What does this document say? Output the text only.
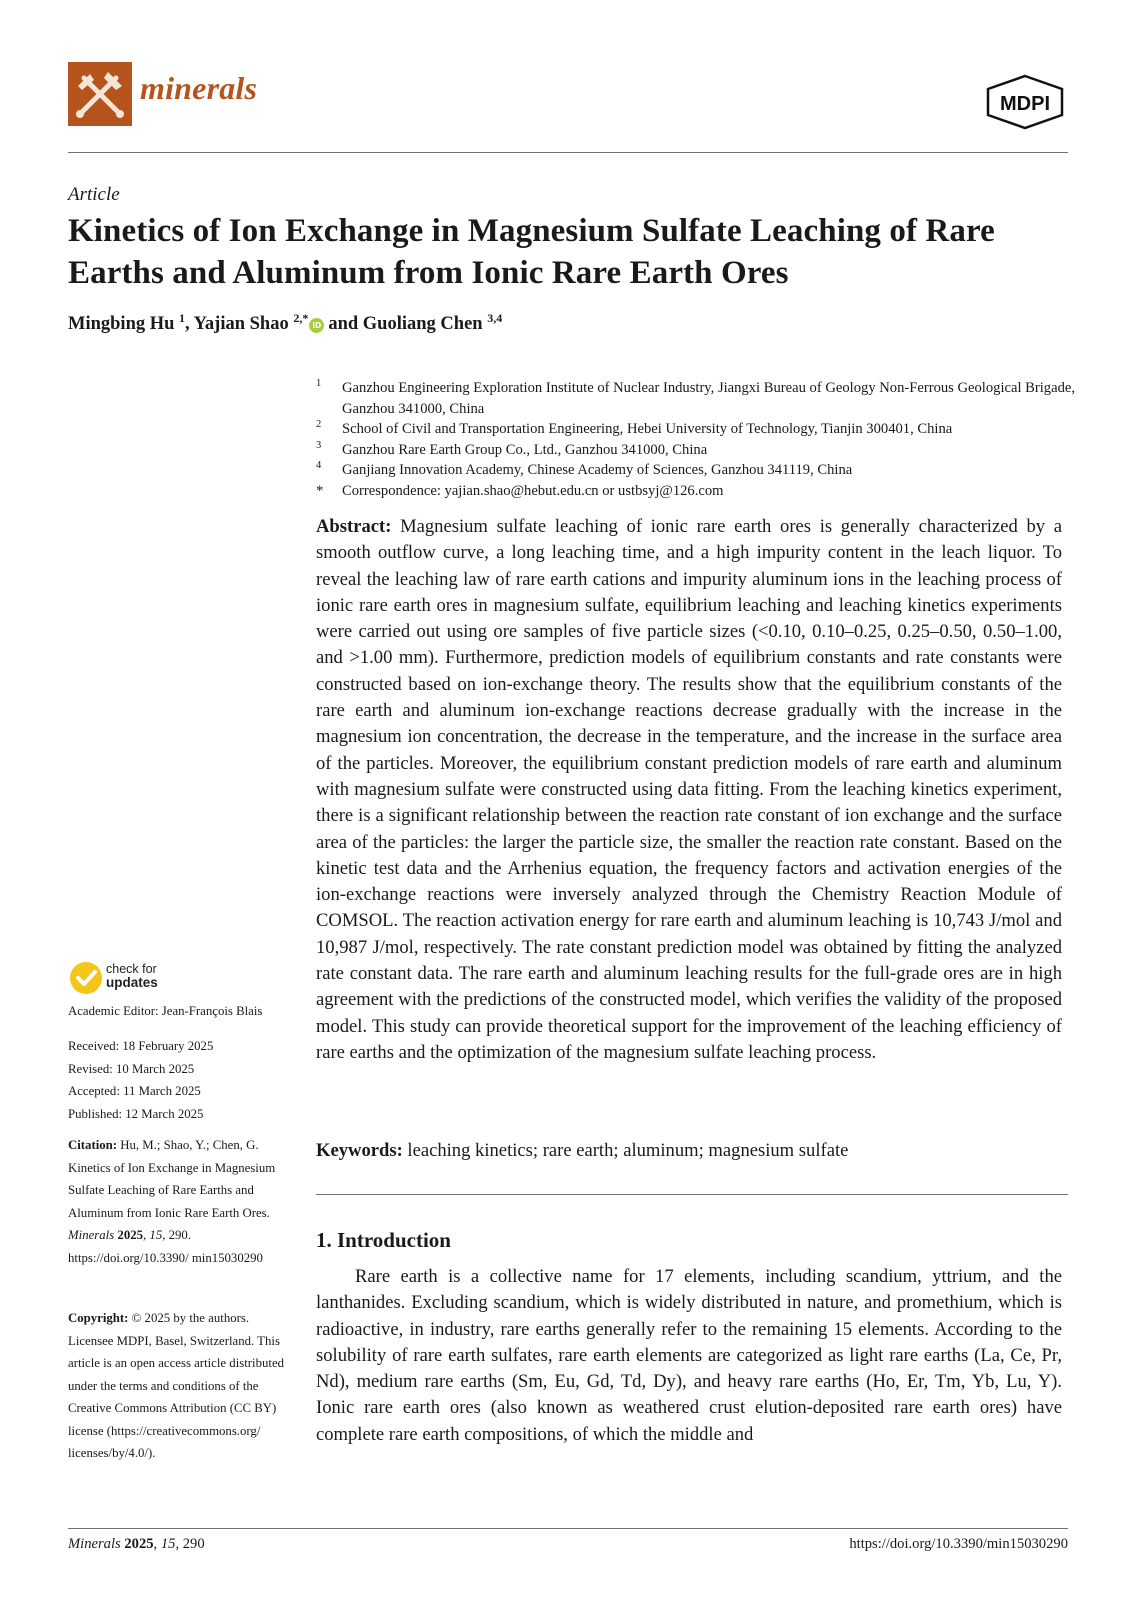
minerals	MDPI
Article
Kinetics of Ion Exchange in Magnesium Sulfate Leaching of Rare Earths and Aluminum from Ionic Rare Earth Ores
Mingbing Hu $^1$, Yajian Shao $^{2,*}$iD and Guoliang Chen $^{3,4}$
1	Ganzhou Engineering Exploration Institute of Nuclear Industry, Jiangxi Bureau of Geology Non-Ferrous Geological Brigade, Ganzhou 341000, China
2	School of Civil and Transportation Engineering, Hebei University of Technology, Tianjin 300401, China
3	Ganzhou Rare Earth Group Co., Ltd., Ganzhou 341000, China
4	Ganjiang Innovation Academy, Chinese Academy of Sciences, Ganzhou 341119, China
*	Correspondence: yajian.shao@hebut.edu.cn or ustbsyj@126.com
Abstract: Magnesium sulfate leaching of ionic rare earth ores is generally characterized by a smooth outflow curve, a long leaching time, and a high impurity content in the leach liquor. To reveal the leaching law of rare earth cations and impurity aluminum ions in the leaching process of ionic rare earth ores in magnesium sulfate, equilibrium leaching and leaching kinetics experiments were carried out using ore samples of five particle sizes (<0.10, 0.10–0.25, 0.25–0.50, 0.50–1.00, and >1.00 mm). Furthermore, prediction models of equilibrium constants and rate constants were constructed based on ion-exchange theory. The results show that the equilibrium constants of the rare earth and aluminum ion-exchange reactions decrease gradually with the increase in the magnesium ion concentration, the decrease in the temperature, and the increase in the surface area of the particles. Moreover, the equilibrium constant prediction models of rare earth and aluminum with magnesium sulfate were constructed using data fitting. From the leaching kinetics experiment, there is a significant relationship between the reaction rate constant of ion exchange and the surface area of the particles: the larger the particle size, the smaller the reaction rate constant. Based on the kinetic test data and the Arrhenius equation, the frequency factors and activation energies of the ion-exchange reactions were inversely analyzed through the Chemistry Reaction Module of COMSOL. The reaction activation energy for rare earth and aluminum leaching is 10,743 J/mol and 10,987 J/mol, respectively. The rate constant prediction model was obtained by fitting the analyzed rate constant data. The rare earth and aluminum leaching results for the full-grade ores are in high agreement with the predictions of the constructed model, which verifies the validity of the proposed model. This study can provide theoretical support for the improvement of the leaching efficiency of rare earths and the optimization of the magnesium sulfate leaching process.
Keywords: leaching kinetics; rare earth; aluminum; magnesium sulfate
1. Introduction
Rare earth is a collective name for 17 elements, including scandium, yttrium, and the lanthanides. Excluding scandium, which is widely distributed in nature, and promethium, which is radioactive, in industry, rare earths generally refer to the remaining 15 elements. According to the solubility of rare earth sulfates, rare earth elements are categorized as light rare earths (La, Ce, Pr, Nd), medium rare earths (Sm, Eu, Gd, Td, Dy), and heavy rare earths (Ho, Er, Tm, Yb, Lu, Y). Ionic rare earth ores (also known as weathered crust elution-deposited rare earth ores) have complete rare earth compositions, of which the middle and
check for
updates
Academic Editor: Jean-François Blais
Received: 18 February 2025
Revised: 10 March 2025
Accepted: 11 March 2025
Published: 12 March 2025
Citation: Hu, M.; Shao, Y.; Chen, G. Kinetics of Ion Exchange in Magnesium Sulfate Leaching of Rare Earths and Aluminum from Ionic Rare Earth Ores. Minerals 2025, 15, 290. https://doi.org/10.3390/ min15030290
Copyright: © 2025 by the authors. Licensee MDPI, Basel, Switzerland. This article is an open access article distributed under the terms and conditions of the Creative Commons Attribution (CC BY) license (https://creativecommons.org/ licenses/by/4.0/).
Minerals 2025, 15, 290	https://doi.org/10.3390/min15030290
